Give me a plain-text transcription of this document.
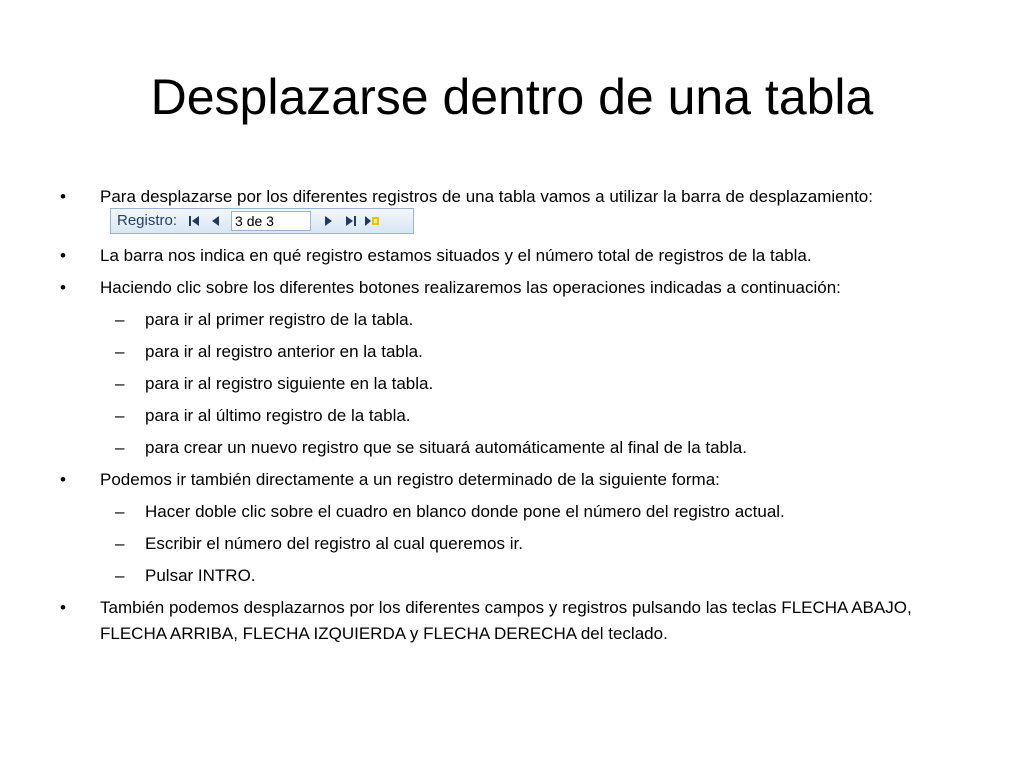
Desplazarse dentro de una tabla

• Para desplazarse por los diferentes registros de una tabla vamos a utilizar la barra de desplazamiento:
Registro:	3 de 3

• La barra nos indica en qué registro estamos situados y el número total de registros de la tabla.

• Haciendo clic sobre los diferentes botones realizaremos las operaciones indicadas a continuación:

– para ir al primer registro de la tabla.

– para ir al registro anterior en la tabla.

– para ir al registro siguiente en la tabla.

– para ir al último registro de la tabla.

– para crear un nuevo registro que se situará automáticamente al final de la tabla.

• Podemos ir también directamente a un registro determinado de la siguiente forma:

– Hacer doble clic sobre el cuadro en blanco donde pone el número del registro actual.

– Escribir el número del registro al cual queremos ir.

– Pulsar INTRO.

• También podemos desplazarnos por los diferentes campos y registros pulsando las teclas FLECHA ABAJO, FLECHA ARRIBA, FLECHA IZQUIERDA y FLECHA DERECHA del teclado.
